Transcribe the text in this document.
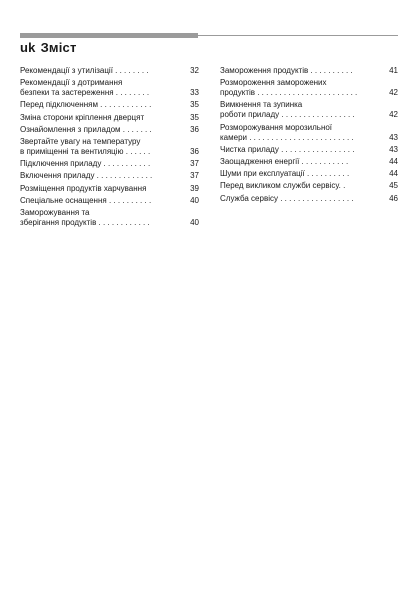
uk Зміст
Рекомендації з утилізації . . . . . . . .	32
Рекомендації з дотримання
безпеки та застереження . . . . . . . .	33
Перед підключенням . . . . . . . . . . . .	35
Зміна сторони кріплення дверцят	35
Ознайомлення з приладом . . . . . . .	36
Звертайте увагу на температуру
в приміщенні та вентиляцію . . . . . .	36
Підключення приладу . . . . . . . . . . .	37
Включення приладу . . . . . . . . . . . . .	37
Розміщення продуктів харчування	39
Спеціальне оснащення . . . . . . . . . .	40
Заморожування та
зберігання продуктів . . . . . . . . . . . .	40
Замороження продуктів . . . . . . . . . .	41
Розмороження заморожених
продуктів . . . . . . . . . . . . . . . . . . . . . . .	42
Вимкнення та зупинка
роботи приладу . . . . . . . . . . . . . . . . .	42
Розморожування морозильної
камери . . . . . . . . . . . . . . . . . . . . . . . .	43
Чистка приладу . . . . . . . . . . . . . . . . .	43
Заощадження енергії . . . . . . . . . . .	44
Шуми при експлуатації . . . . . . . . . .	44
Перед викликом служби сервісу. .	45
Служба сервісу . . . . . . . . . . . . . . . . .	46
